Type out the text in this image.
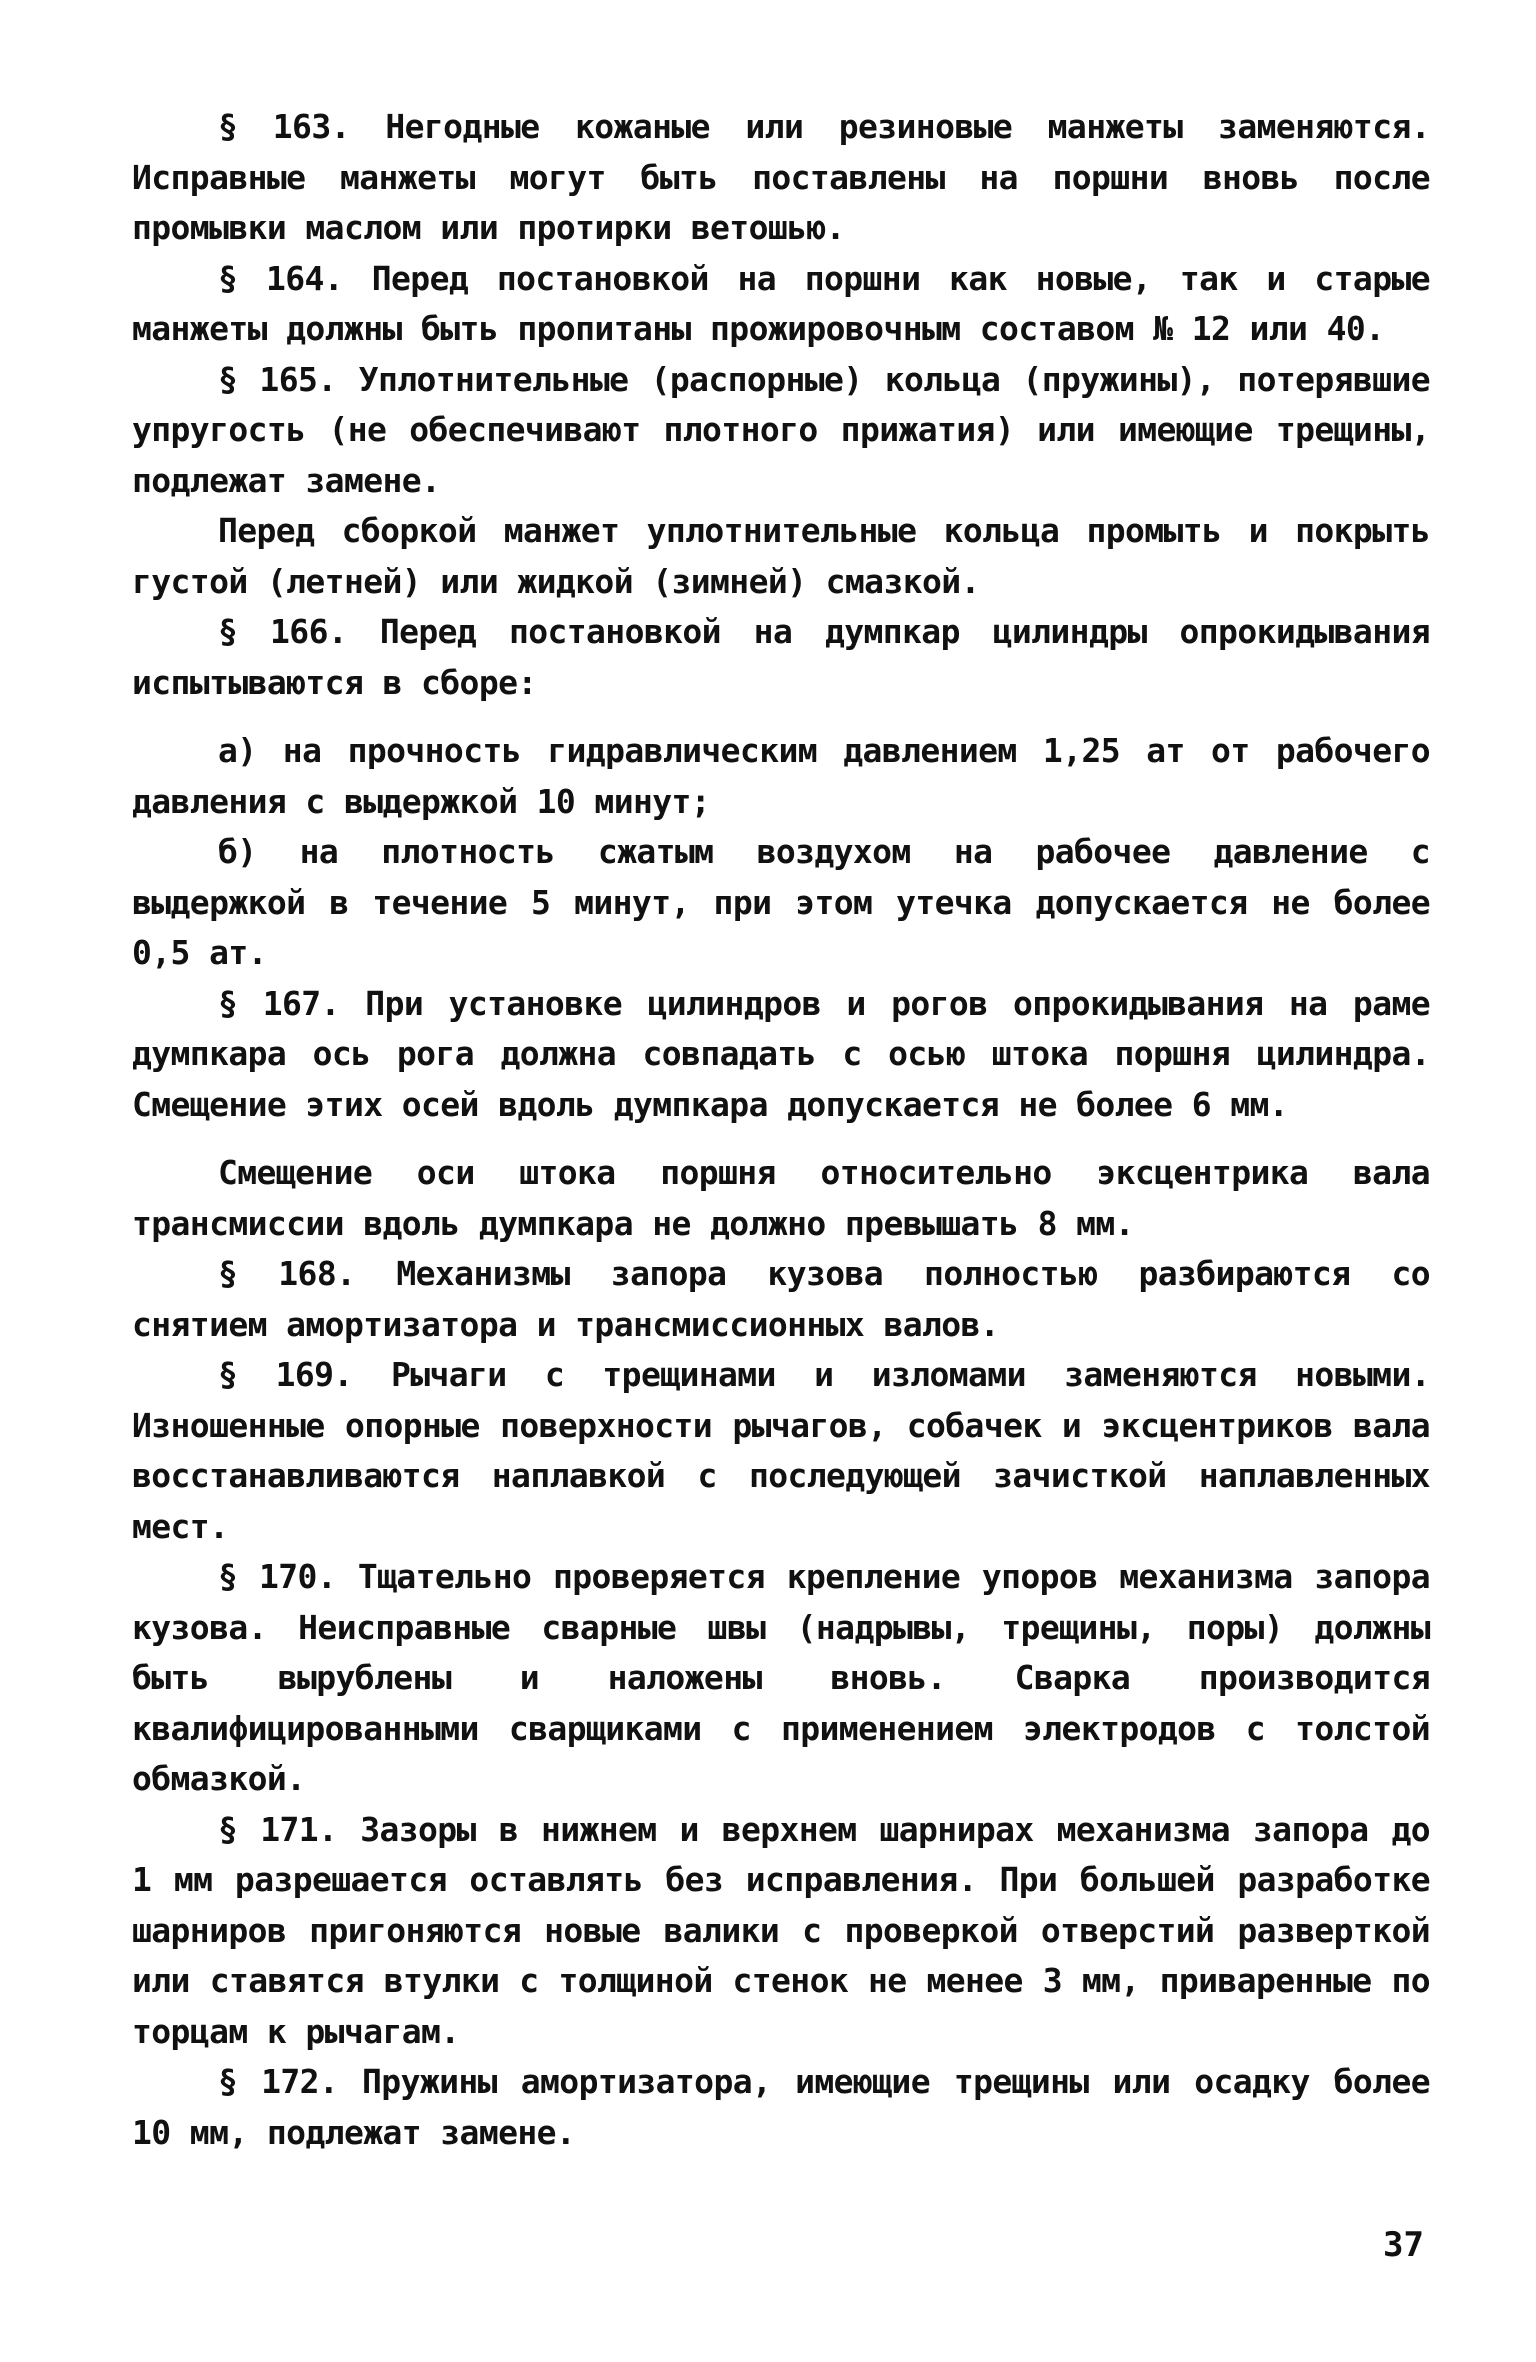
§ 163. Негодные кожаные или резиновые манжеты заменяются. Исправные манжеты могут быть поставлены на поршни вновь после промывки маслом или протирки ветошью.

§ 164. Перед постановкой на поршни как новые, так и старые манжеты должны быть пропитаны прожировочным составом № 12 или 40.

§ 165. Уплотнительные (распорные) кольца (пружины), потерявшие упругость (не обеспечивают плотного прижатия) или имеющие трещины, подлежат замене.

Перед сборкой манжет уплотнительные кольца промыть и покрыть густой (летней) или жидкой (зимней) смазкой.

§ 166. Перед постановкой на думпкар цилиндры опрокидывания испытываются в сборе:

а) на прочность гидравлическим давлением 1,25 ат от рабочего давления с выдержкой 10 минут;

б) на плотность сжатым воздухом на рабочее давление с выдержкой в течение 5 минут, при этом утечка допускается не более 0,5 ат.

§ 167. При установке цилиндров и рогов опрокидывания на раме думпкара ось рога должна совпадать с осью штока поршня цилиндра. Смещение этих осей вдоль думпкара допускается не более 6 мм.

Смещение оси штока поршня относительно эксцентрика вала трансмиссии вдоль думпкара не должно превышать 8 мм.

§ 168. Механизмы запора кузова полностью разбираются со снятием амортизатора и трансмиссионных валов.

§ 169. Рычаги с трещинами и изломами заменяются новыми. Изношенные опорные поверхности рычагов, собачек и эксцентриков вала восстанавливаются наплавкой с последующей зачисткой наплавленных мест.

§ 170. Тщательно проверяется крепление упоров механизма запора кузова. Неисправные сварные швы (надрывы, трещины, поры) должны быть вырублены и наложены вновь. Сварка производится квалифицированными сварщиками с применением электродов с толстой обмазкой.

§ 171. Зазоры в нижнем и верхнем шарнирах механизма запора до 1 мм разрешается оставлять без исправления. При большей разработке шарниров пригоняются новые валики с проверкой отверстий разверткой или ставятся втулки с толщиной стенок не менее 3 мм, приваренные по торцам к рычагам.

§ 172. Пружины амортизатора, имеющие трещины или осадку более 10 мм, подлежат замене.

37
